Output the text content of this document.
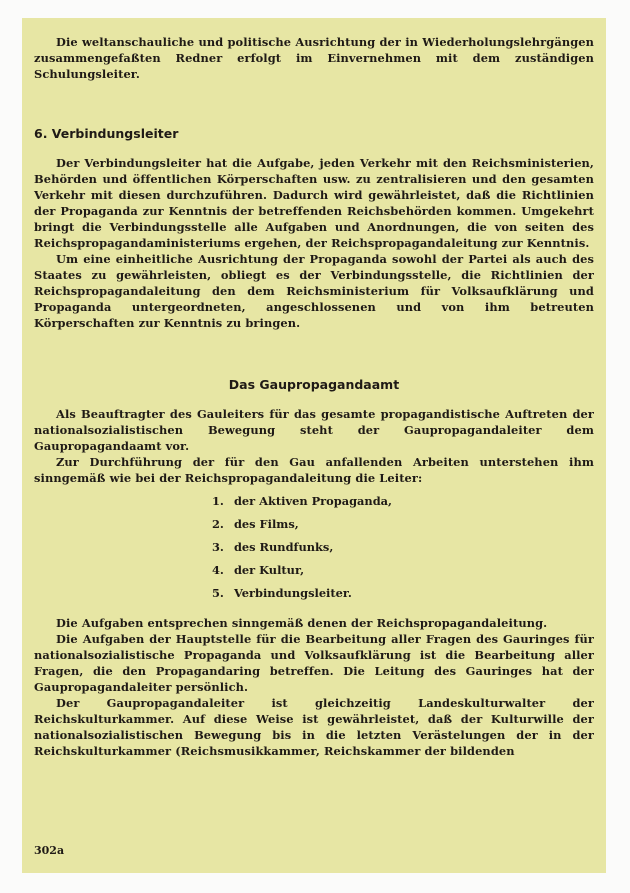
Die weltanschauliche und politische Ausrichtung der in Wiederholungslehrgängen zusammengefaßten Redner erfolgt im Einvernehmen mit dem zuständigen Schulungsleiter.

6. Verbindungsleiter

Der Verbindungsleiter hat die Aufgabe, jeden Verkehr mit den Reichsministerien, Behörden und öffentlichen Körperschaften usw. zu zentralisieren und den gesamten Verkehr mit diesen durchzuführen. Dadurch wird gewährleistet, daß die Richtlinien der Propaganda zur Kenntnis der betreffenden Reichsbehörden kommen. Umgekehrt bringt die Verbindungsstelle alle Aufgaben und Anordnungen, die von seiten des Reichspropagandaministeriums ergehen, der Reichspropagandaleitung zur Kenntnis.

Um eine einheitliche Ausrichtung der Propaganda sowohl der Partei als auch des Staates zu gewährleisten, obliegt es der Verbindungsstelle, die Richtlinien der Reichspropagandaleitung den dem Reichsministerium für Volksaufklärung und Propaganda untergeordneten, angeschlossenen und von ihm betreuten Körperschaften zur Kenntnis zu bringen.

Das Gaupropagandaamt

Als Beauftragter des Gauleiters für das gesamte propagandistische Auftreten der nationalsozialistischen Bewegung steht der Gaupropagandaleiter dem Gaupropagandaamt vor.

Zur Durchführung der für den Gau anfallenden Arbeiten unterstehen ihm sinngemäß wie bei der Reichspropagandaleitung die Leiter:

1. der Aktiven Propaganda,
2. des Films,
3. des Rundfunks,
4. der Kultur,
5. Verbindungsleiter.

Die Aufgaben entsprechen sinngemäß denen der Reichspropagandaleitung.

Die Aufgaben der Hauptstelle für die Bearbeitung aller Fragen des Gauringes für nationalsozialistische Propaganda und Volksaufklärung ist die Bearbeitung aller Fragen, die den Propagandaring betreffen. Die Leitung des Gauringes hat der Gaupropagandaleiter persönlich.

Der Gaupropagandaleiter ist gleichzeitig Landeskulturwalter der Reichskulturkammer. Auf diese Weise ist gewährleistet, daß der Kulturwille der nationalsozialistischen Bewegung bis in die letzten Verästelungen der in der Reichskulturkammer (Reichsmusikkammer, Reichskammer der bildenden

302a
